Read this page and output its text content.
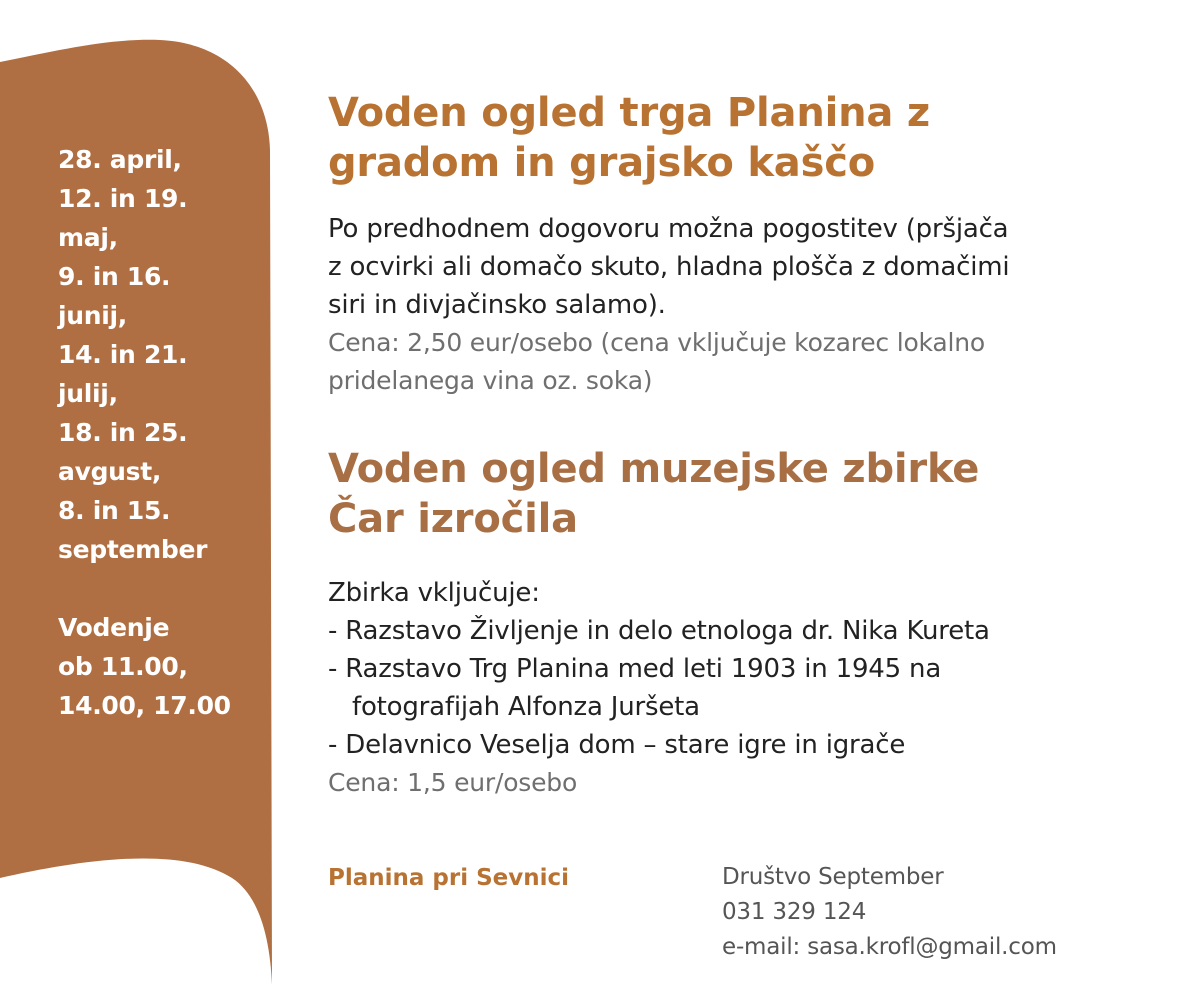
28. april,
12. in 19.
maj,
9. in 16.
junij,
14. in 21.
julij,
18. in 25.
avgust,
8. in 15.
september
Vodenje
ob 11.00,
14.00, 17.00
Voden ogled trga Planina z
gradom in grajsko kaščo
Po predhodnem dogovoru možna pogostitev (pršjača
z ocvirki ali domačo skuto, hladna plošča z domačimi
siri in divjačinsko salamo).
Cena: 2,50 eur/osebo (cena vključuje kozarec lokalno
pridelanega vina oz. soka)
Voden ogled muzejske zbirke
Čar izročila
Zbirka vključuje:
- Razstavo Življenje in delo etnologa dr. Nika Kureta
- Razstavo Trg Planina med leti 1903 in 1945 na
fotografijah Alfonza Juršeta
- Delavnico Veselja dom – stare igre in igrače
Cena: 1,5 eur/osebo
Planina pri Sevnici	Društvo September
031 329 124
e-mail: sasa.krofl@gmail.com
